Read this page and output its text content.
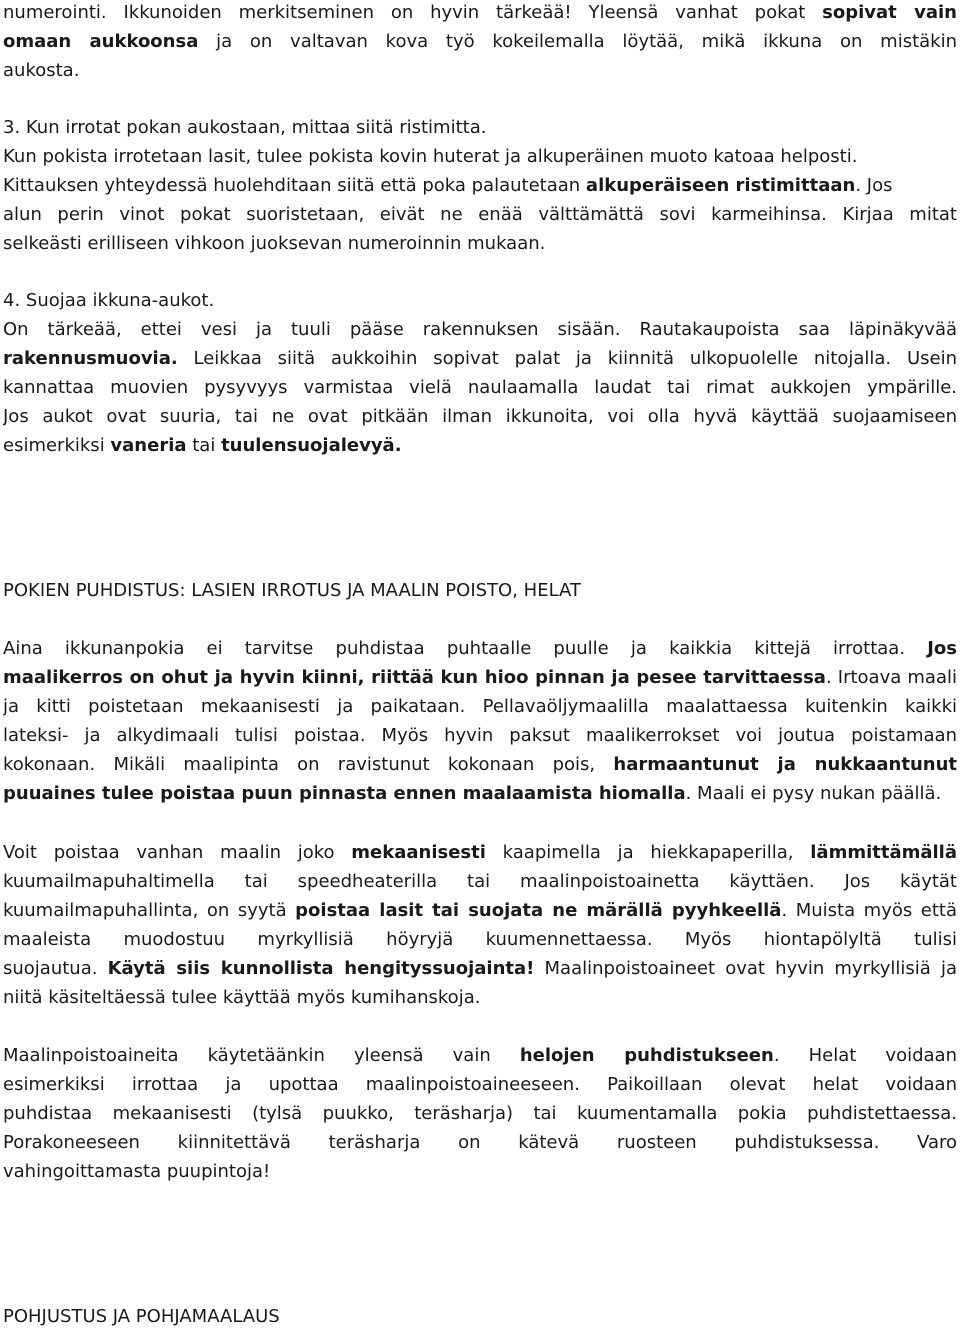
numerointi. Ikkunoiden merkitseminen on hyvin tärkeää! Yleensä vanhat pokat sopivat vain
omaan aukkoonsa ja on valtavan kova työ kokeilemalla löytää, mikä ikkuna on mistäkin
aukosta.
3. Kun irrotat pokan aukostaan, mittaa siitä ristimitta.
Kun pokista irrotetaan lasit, tulee pokista kovin huterat ja alkuperäinen muoto katoaa helposti.
Kittauksen yhteydessä huolehditaan siitä että poka palautetaan alkuperäiseen ristimittaan. Jos
alun perin vinot pokat suoristetaan, eivät ne enää välttämättä sovi karmeihinsa. Kirjaa mitat
selkeästi erilliseen vihkoon juoksevan numeroinnin mukaan.
4. Suojaa ikkuna-aukot.
On tärkeää, ettei vesi ja tuuli pääse rakennuksen sisään. Rautakaupoista saa läpinäkyvää
rakennusmuovia. Leikkaa siitä aukkoihin sopivat palat ja kiinnitä ulkopuolelle nitojalla. Usein
kannattaa muovien pysyvyys varmistaa vielä naulaamalla laudat tai rimat aukkojen ympärille.
Jos aukot ovat suuria, tai ne ovat pitkään ilman ikkunoita, voi olla hyvä käyttää suojaamiseen
esimerkiksi vaneria tai tuulensuojalevyä.
Aina ikkunanpokia ei tarvitse puhdistaa puhtaalle puulle ja kaikkia kittejä irrottaa. Jos
maalikerros on ohut ja hyvin kiinni, riittää kun hioo pinnan ja pesee tarvittaessa. Irtoava maali
ja kitti poistetaan mekaanisesti ja paikataan. Pellavaöljymaalilla maalattaessa kuitenkin kaikki
lateksi- ja alkydimaali tulisi poistaa. Myös hyvin paksut maalikerrokset voi joutua poistamaan
kokonaan. Mikäli maalipinta on ravistunut kokonaan pois, harmaantunut ja nukkaantunut
puuaines tulee poistaa puun pinnasta ennen maalaamista hiomalla. Maali ei pysy nukan päällä.
Voit poistaa vanhan maalin joko mekaanisesti kaapimella ja hiekkapaperilla, lämmittämällä
kuumailmapuhaltimella tai speedheaterilla tai maalinpoistoainetta käyttäen. Jos käytät
kuumailmapuhallinta, on syytä poistaa lasit tai suojata ne märällä pyyhkeellä. Muista myös että
maaleista muodostuu myrkyllisiä höyryjä kuumennettaessa. Myös hiontapölyltä tulisi
suojautua. Käytä siis kunnollista hengityssuojainta! Maalinpoistoaineet ovat hyvin myrkyllisiä ja
niitä käsiteltäessä tulee käyttää myös kumihanskoja.
Maalinpoistoaineita käytetäänkin yleensä vain helojen puhdistukseen. Helat voidaan
esimerkiksi irrottaa ja upottaa maalinpoistoaineeseen. Paikoillaan olevat helat voidaan
puhdistaa mekaanisesti (tylsä puukko, teräsharja) tai kuumentamalla pokia puhdistettaessa.
Porakoneeseen kiinnitettävä teräsharja on kätevä ruosteen puhdistuksessa. Varo
vahingoittamasta puupintoja!
POKIEN PUHDISTUS: LASIEN IRROTUS JA MAALIN POISTO, HELAT
POHJUSTUS JA POHJAMAALAUS
